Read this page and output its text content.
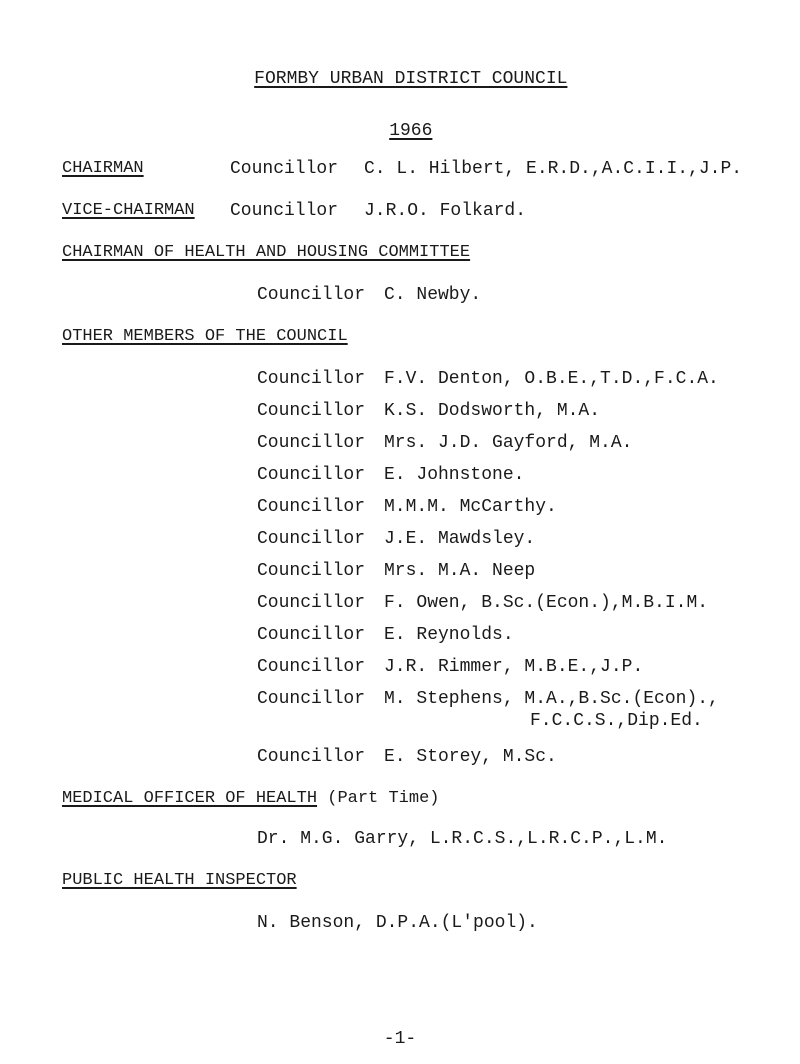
FORMBY URBAN DISTRICT COUNCIL

1966

CHAIRMAN	Councillor C. L. Hilbert, E.R.D.,A.C.I.I.,J.P.
VICE-CHAIRMAN Councillor J.R.O. Folkard.
CHAIRMAN OF HEALTH AND HOUSING COMMITTEE
Councillor C. Newby.
OTHER MEMBERS OF THE COUNCIL
Councillor F.V. Denton, O.B.E.,T.D.,F.C.A.
Councillor K.S. Dodsworth, M.A.
Councillor Mrs. J.D. Gayford, M.A.
Councillor E. Johnstone.
Councillor M.M.M. McCarthy.
Councillor J.E. Mawdsley.
Councillor Mrs. M.A. Neep
Councillor F. Owen, B.Sc.(Econ.),M.B.I.M.
Councillor E. Reynolds.
Councillor J.R. Rimmer, M.B.E.,J.P.
Councillor M. Stephens, M.A.,B.Sc.(Econ).,
F.C.C.S.,Dip.Ed.
Councillor E. Storey, M.Sc.
MEDICAL OFFICER OF HEALTH (Part Time)
Dr. M.G. Garry, L.R.C.S.,L.R.C.P.,L.M.
PUBLIC HEALTH INSPECTOR
N. Benson, D.P.A.(L'pool).
-1-
